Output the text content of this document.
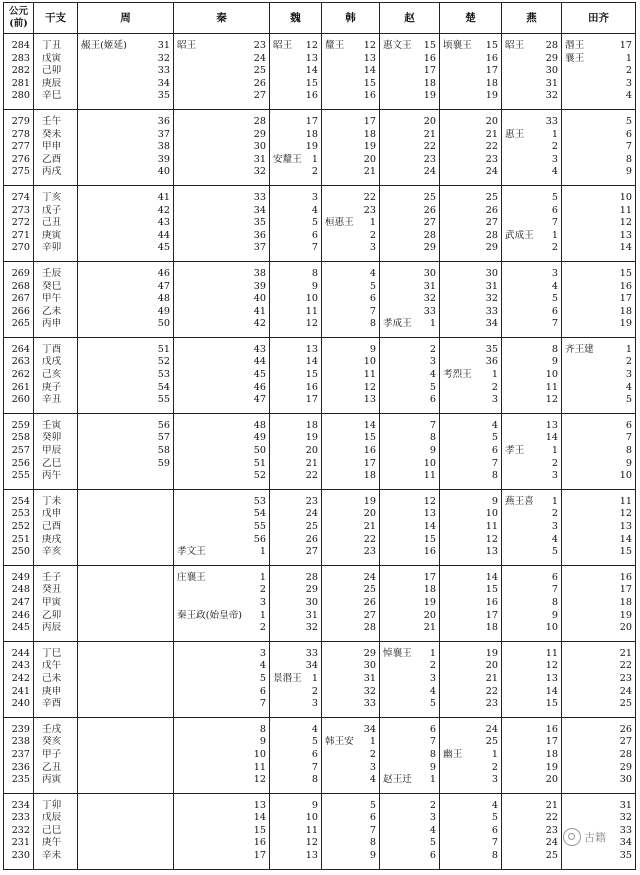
公元
(前)	干支	周	秦	魏	韩	赵	楚	燕	田齐
284	丁丑	赧王(姬延) 31	昭王 23	昭王 12	釐王 12	惠文王 15	顷襄王 15	昭王 28	湣王 17
283	戊寅	32	24	13	13	16	16	29	襄王 1
282	己卯	33	25	14	14	17	17	30	2
281	庚辰	34	26	15	15	18	18	31	3
280	辛巳	35	27	16	16	19	19	32	4
279	壬午	36	28	17	17	20	20	33	5
278	癸未	37	29	18	18	21	21	惠王 1	6
277	甲申	38	30	19	19	22	22	2	7
276	乙酉	39	31	安釐王 1	20	23	23	3	8
275	丙戌	40	32	2	21	24	24	4	9
274	丁亥	41	33	3	22	25	25	5	10
273	戊子	42	34	4	23	26	26	6	11
272	己丑	43	35	5	桓惠王 1	27	27	7	12
271	庚寅	44	36	6	2	28	28	武成王 1	13
270	辛卯	45	37	7	3	29	29	2	14
269	壬辰	46	38	8	4	30	30	3	15
268	癸巳	47	39	9	5	31	31	4	16
267	甲午	48	40	10	6	32	32	5	17
266	乙未	49	41	11	7	33	33	6	18
265	丙申	50	42	12	8	孝成王 1	34	7	19
264	丁酉	51	43	13	9	2	35	8	齐王建 1
263	戊戌	52	44	14	10	3	36	9	2
262	己亥	53	45	15	11	4	考烈王 1	10	3
261	庚子	54	46	16	12	5	2	11	4
260	辛丑	55	47	17	13	6	3	12	5
259	壬寅	56	48	18	14	7	4	13	6
258	癸卯	57	49	19	15	8	5	14	7
257	甲辰	58	50	20	16	9	6	孝王 1	8
256	乙巳	59	51	21	17	10	7	2	9
255	丙午		52	22	18	11	8	3	10
254	丁未		53	23	19	12	9	燕王喜 1	11
253	戊申		54	24	20	13	10	2	12
252	己酉		55	25	21	14	11	3	13
251	庚戌		56	26	22	15	12	4	14
250	辛亥		孝文王 1	27	23	16	13	5	15
249	壬子		庄襄王 1	28	24	17	14	6	16
248	癸丑		2	29	25	18	15	7	17
247	甲寅		3	30	26	19	16	8	18
246	乙卯		秦王政(始皇帝) 1	31	27	20	17	9	19
245	丙辰		2	32	28	21	18	10	20
244	丁巳		3	33	29	悼襄王 1	19	11	21
243	戊午		4	34	30	2	20	12	22
242	己未		5	景湣王 1	31	3	21	13	23
241	庚申		6	2	32	4	22	14	24
240	辛酉		7	3	33	5	23	15	25
239	壬戌		8	4	34	6	24	16	26
238	癸亥		9	5	韩王安 1	7	25	17	27
237	甲子		10	6	2	8	幽王 1	18	28
236	乙丑		11	7	3	9	2	19	29
235	丙寅		12	8	4	赵王迁 1	3	20	30
234	丁卯		13	9	5	2	4	21	31
233	戊辰		14	10	6	3	5	22	32
232	己巳		15	11	7	4	6	23	33
231	庚午		16	12	8	5	7	24	34
230	辛未		17	13	9	6	8	25	35
古籍
